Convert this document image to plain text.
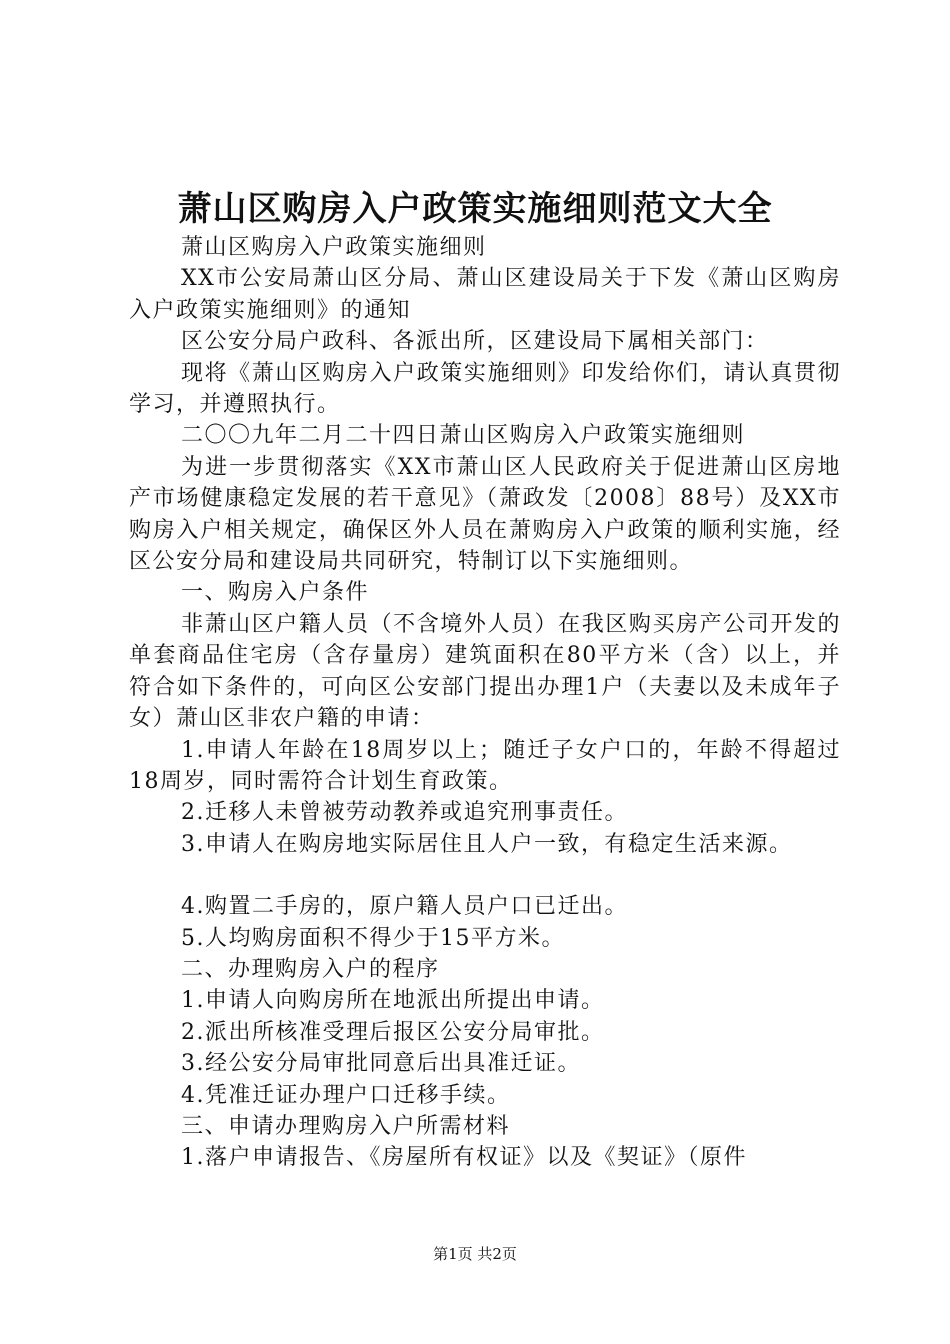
萧山区购房入户政策实施细则范文大全

萧山区购房入户政策实施细则

XX市公安局萧山区分局、萧山区建设局关于下发《萧山区购房入户政策实施细则》的通知

区公安分局户政科、各派出所，区建设局下属相关部门：

现将《萧山区购房入户政策实施细则》印发给你们，请认真贯彻学习，并遵照执行。

二〇〇九年二月二十四日萧山区购房入户政策实施细则

为进一步贯彻落实《XX市萧山区人民政府关于促进萧山区房地产市场健康稳定发展的若干意见》（萧政发〔2008〕88号）及XX市购房入户相关规定，确保区外人员在萧购房入户政策的顺利实施，经区公安分局和建设局共同研究，特制订以下实施细则。

一、购房入户条件

非萧山区户籍人员（不含境外人员）在我区购买房产公司开发的单套商品住宅房（含存量房）建筑面积在80平方米（含）以上，并符合如下条件的，可向区公安部门提出办理1户（夫妻以及未成年子女）萧山区非农户籍的申请：

1.申请人年龄在18周岁以上；随迁子女户口的，年龄不得超过18周岁，同时需符合计划生育政策。

2.迁移人未曾被劳动教养或追究刑事责任。

3.申请人在购房地实际居住且人户一致，有稳定生活来源。

4.购置二手房的，原户籍人员户口已迁出。

5.人均购房面积不得少于15平方米。

二、办理购房入户的程序

1.申请人向购房所在地派出所提出申请。

2.派出所核准受理后报区公安分局审批。

3.经公安分局审批同意后出具准迁证。

4.凭准迁证办理户口迁移手续。

三、申请办理购房入户所需材料

1.落户申请报告、《房屋所有权证》以及《契证》（原件

第1页 共2页
